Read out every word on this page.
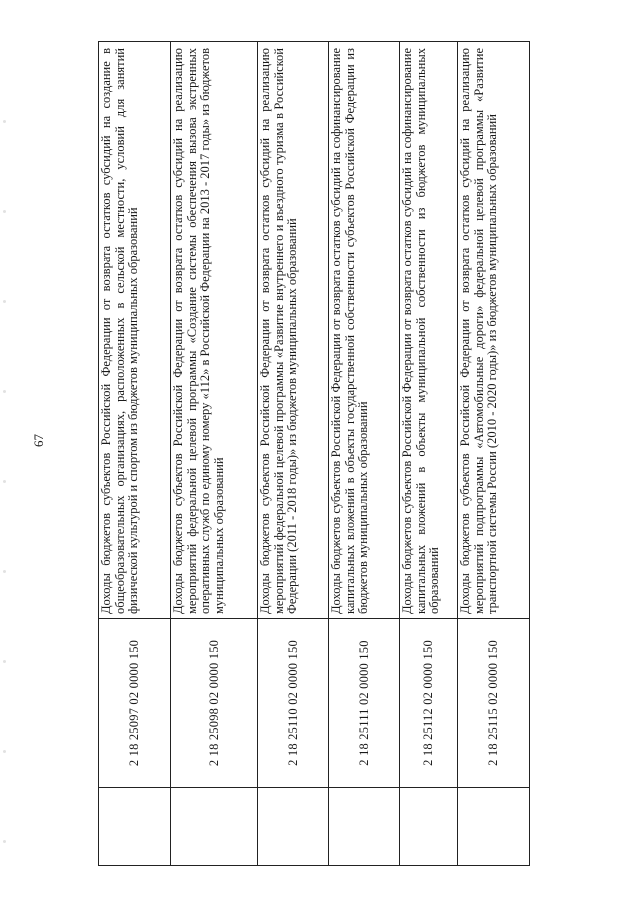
67
2 18 25097 02 0000 150
Доходы бюджетов субъектов Российской Федерации от возврата остатков субсидий на создание в общеобразовательных организациях, расположенных в сельской местности, условий для занятий физической культурой и спортом из бюджетов муниципальных образований
2 18 25098 02 0000 150
Доходы бюджетов субъектов Российской Федерации от возврата остатков субсидий на реализацию мероприятий федеральной целевой программы «Создание системы обеспечения вызова экстренных оперативных служб по единому номеру «112» в Российской Федерации на 2013 - 2017 годы» из бюджетов муниципальных образований
2 18 25110 02 0000 150
Доходы бюджетов субъектов Российской Федерации от возврата остатков субсидий на реализацию мероприятий федеральной целевой программы «Развитие внутреннего и въездного туризма в Российской Федерации (2011 - 2018 годы)» из бюджетов муниципальных образований
2 18 25111 02 0000 150
Доходы бюджетов субъектов Российской Федерации от возврата остатков субсидий на софинансирование капитальных вложений в объекты государственной собственности субъектов Российской Федерации из бюджетов муниципальных образований
2 18 25112 02 0000 150
Доходы бюджетов субъектов Российской Федерации от возврата остатков субсидий на софинансирование капитальных вложений в объекты муниципальной собственности из бюджетов муниципальных образований
2 18 25115 02 0000 150
Доходы бюджетов субъектов Российской Федерации от возврата остатков субсидий на реализацию мероприятий подпрограммы «Автомобильные дороги» федеральной целевой программы «Развитие транспортной системы России (2010 - 2020 годы)» из бюджетов муниципальных образований
